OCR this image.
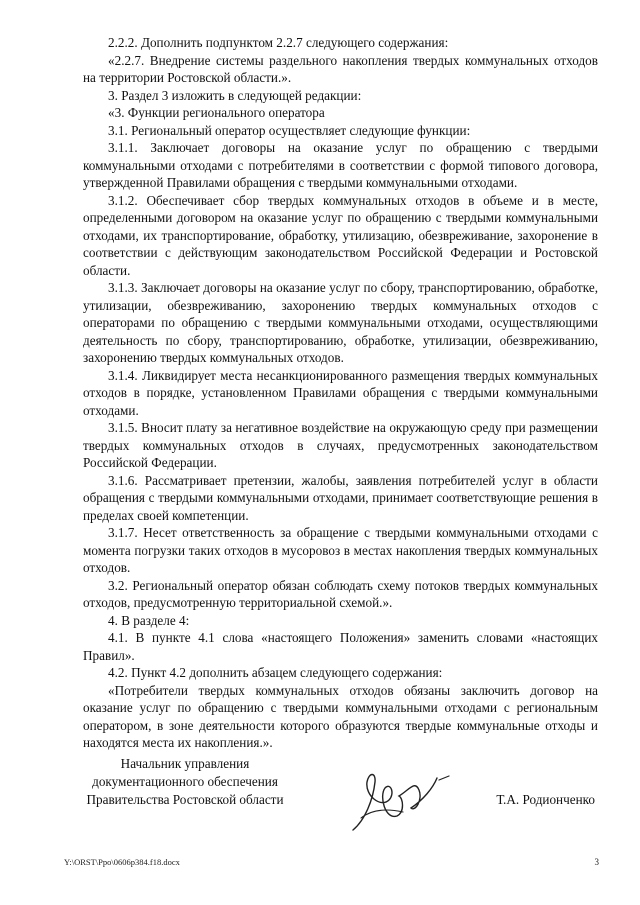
2.2.2. Дополнить подпунктом 2.2.7 следующего содержания:

«2.2.7. Внедрение системы раздельного накопления твердых коммунальных отходов на территории Ростовской области.».

3. Раздел 3 изложить в следующей редакции:

«3. Функции регионального оператора

3.1. Региональный оператор осуществляет следующие функции:

3.1.1. Заключает договоры на оказание услуг по обращению с твердыми коммунальными отходами с потребителями в соответствии с формой типового договора, утвержденной Правилами обращения с твердыми коммунальными отходами.

3.1.2. Обеспечивает сбор твердых коммунальных отходов в объеме и в месте, определенными договором на оказание услуг по обращению с твердыми коммунальными отходами, их транспортирование, обработку, утилизацию, обезвреживание, захоронение в соответствии с действующим законодательством Российской Федерации и Ростовской области.

3.1.3. Заключает договоры на оказание услуг по сбору, транспортированию, обработке, утилизации, обезвреживанию, захоронению твердых коммунальных отходов с операторами по обращению с твердыми коммунальными отходами, осуществляющими деятельность по сбору, транспортированию, обработке, утилизации, обезвреживанию, захоронению твердых коммунальных отходов.

3.1.4. Ликвидирует места несанкционированного размещения твердых коммунальных отходов в порядке, установленном Правилами обращения с твердыми коммунальными отходами.

3.1.5. Вносит плату за негативное воздействие на окружающую среду при размещении твердых коммунальных отходов в случаях, предусмотренных законодательством Российской Федерации.

3.1.6. Рассматривает претензии, жалобы, заявления потребителей услуг в области обращения с твердыми коммунальными отходами, принимает соответствующие решения в пределах своей компетенции.

3.1.7. Несет ответственность за обращение с твердыми коммунальными отходами с момента погрузки таких отходов в мусоровоз в местах накопления твердых коммунальных отходов.

3.2. Региональный оператор обязан соблюдать схему потоков твердых коммунальных отходов, предусмотренную территориальной схемой.».

4. В разделе 4:

4.1. В пункте 4.1 слова «настоящего Положения» заменить словами «настоящих Правил».

4.2. Пункт 4.2 дополнить абзацем следующего содержания:

«Потребители твердых коммунальных отходов обязаны заключить договор на оказание услуг по обращению с твердыми коммунальными отходами с региональным оператором, в зоне деятельности которого образуются твердые коммунальные отходы и находятся места их накопления.».

Начальник управления
документационного обеспечения
Правительства Ростовской области	Т.А. Родионченко
Y:\ORST\Ppo\0606p384.f18.docx	3
